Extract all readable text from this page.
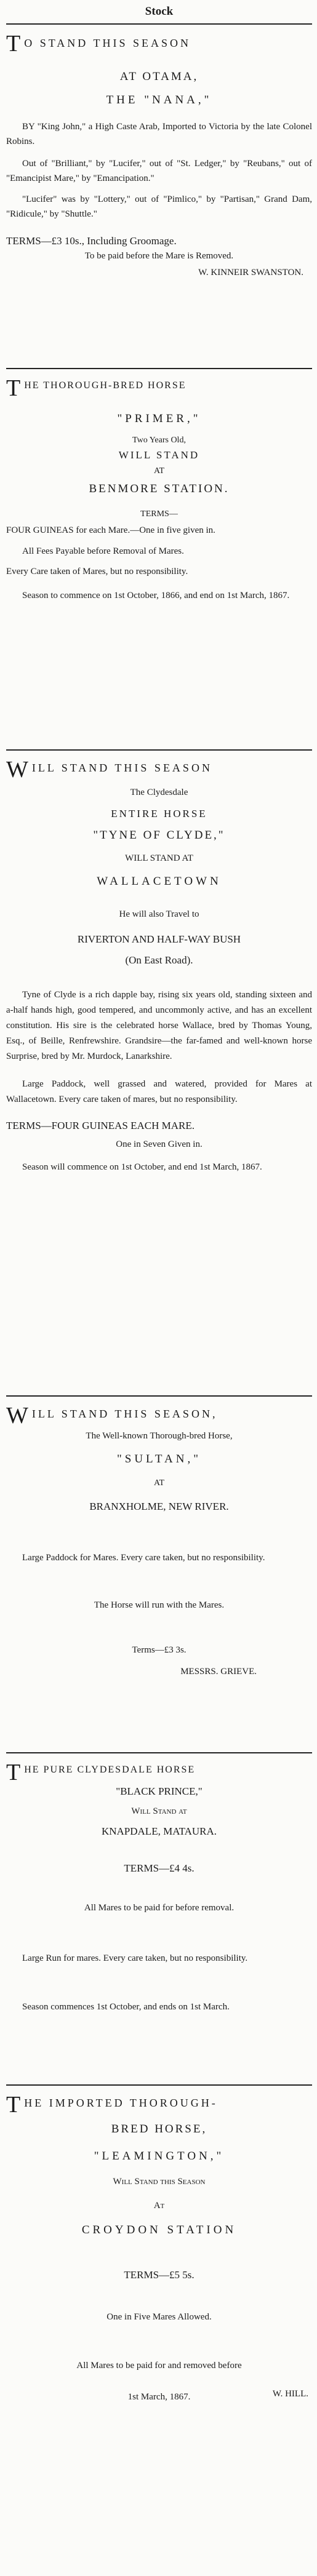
Stock
T O STAND THIS SEASON
AT OTAMA,
THE "NANA,"
BY "King John," a High Caste Arab, Imported to Victoria by the late Colonel Robins.
Out of "Brilliant," by "Lucifer," out of "St. Ledger," by "Reubans," out of "Emancipist Mare," by "Emancipation."
"Lucifer" was by "Lottery," out of "Pimlico," by "Partisan," Grand Dam, "Ridicule," by "Shuttle."
TERMS—£3 10s., Including Groomage.
To be paid before the Mare is Removed.
W. KINNEIR SWANSTON.
T HE THOROUGH-BRED HORSE
"PRIMER,"
Two Years Old,
WILL STAND
AT
BENMORE STATION.
TERMS—
FOUR GUINEAS for each Mare.—One in five given in.
All Fees Payable before Removal of Mares.
Every Care taken of Mares, but no responsibility.
Season to commence on 1st October, 1866, and end on 1st March, 1867.
W ILL STAND THIS SEASON
The Clydesdale
ENTIRE HORSE
"TYNE OF CLYDE,"
WILL STAND AT
WALLACETOWN
He will also Travel to
RIVERTON AND HALF-WAY BUSH
(On East Road).
Tyne of Clyde is a rich dapple bay, rising six years old, standing sixteen and a-half hands high, good tempered, and uncommonly active, and has an excellent constitution. His sire is the celebrated horse Wallace, bred by Thomas Young, Esq., of Beille, Renfrewshire. Grandsire—the far-famed and well-known horse Surprise, bred by Mr. Murdock, Lanarkshire.
Large Paddock, well grassed and watered, provided for Mares at Wallacetown. Every care taken of mares, but no responsibility.
TERMS—FOUR GUINEAS EACH MARE.
One in Seven Given in.
Season will commence on 1st October, and end 1st March, 1867.
W ILL STAND THIS SEASON,
The Well-known Thorough-bred Horse,
"SULTAN,"
AT
BRANXHOLME, NEW RIVER.
Large Paddock for Mares. Every care taken, but no responsibility.
The Horse will run with the Mares.
Terms—£3 3s.
MESSRS. GRIEVE.
T HE PURE CLYDESDALE HORSE
"BLACK PRINCE,"
Will Stand at
KNAPDALE, MATAURA.
TERMS—£4 4s.
All Mares to be paid for before removal.
Large Run for mares. Every care taken, but no responsibility.
Season commences 1st October, and ends on 1st March.
T HE IMPORTED THOROUGH-
BRED HORSE,
"LEAMINGTON,"
Will Stand this Season
At
CROYDON STATION
TERMS—£5 5s.
One in Five Mares Allowed.
All Mares to be paid for and removed before
1st March, 1867.	W. HILL.
